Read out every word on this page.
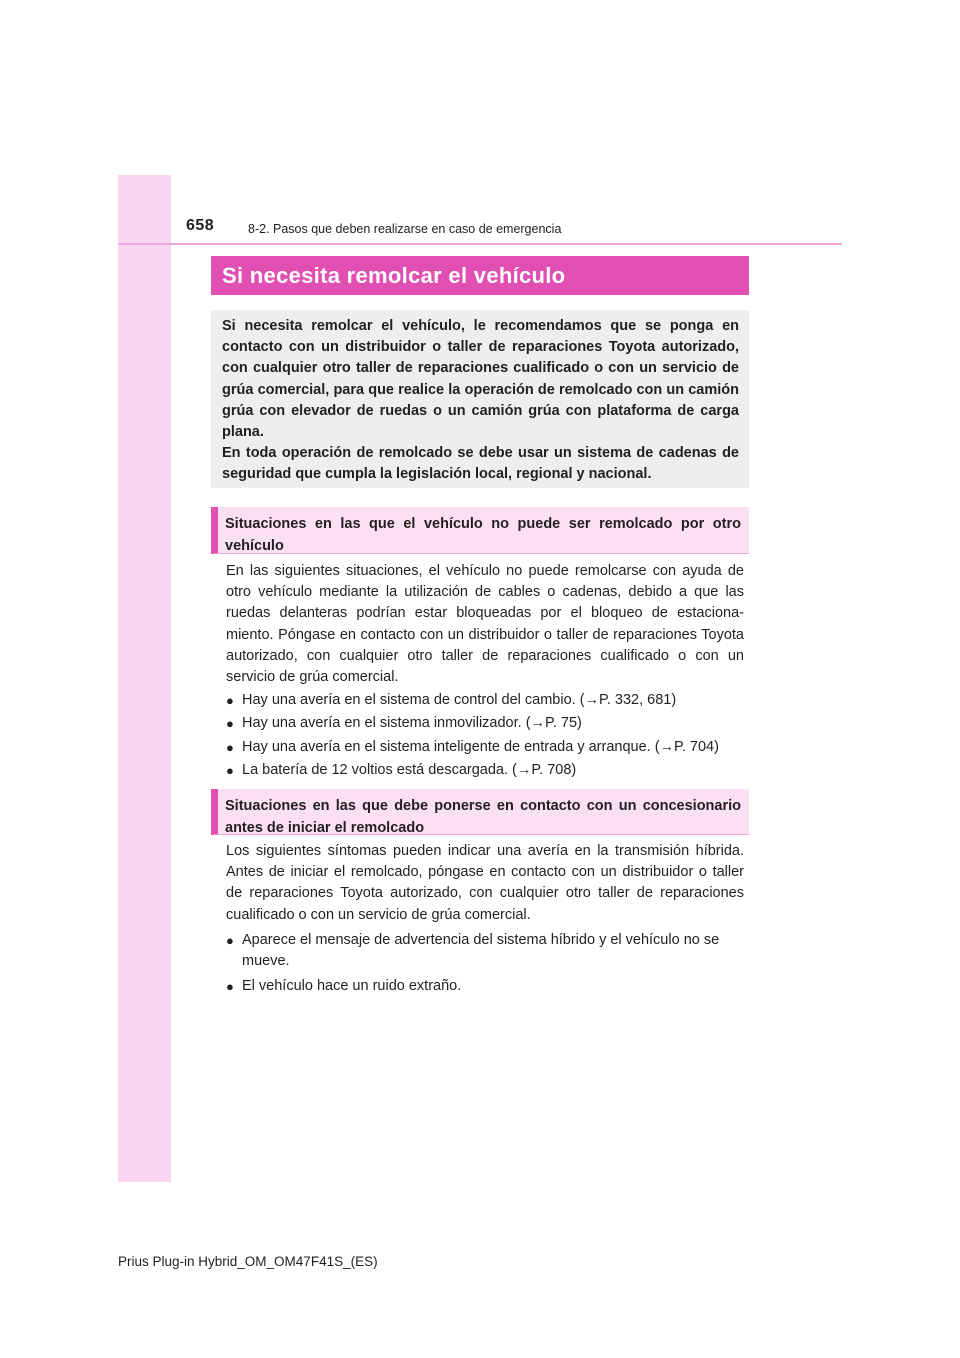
658	8-2. Pasos que deben realizarse en caso de emergencia
Si necesita remolcar el vehículo

Si necesita remolcar el vehículo, le recomendamos que se ponga en contacto con un distribuidor o taller de reparaciones Toyota autorizado, con cualquier otro taller de reparaciones cualificado o con un servicio de grúa comercial, para que realice la operación de remolcado con un camión grúa con elevador de ruedas o un camión grúa con plataforma de carga plana.

En toda operación de remolcado se debe usar un sistema de cadenas de seguridad que cumpla la legislación local, regional y nacional.

Situaciones en las que el vehículo no puede ser remolcado por otro vehículo

En las siguientes situaciones, el vehículo no puede remolcarse con ayuda de otro vehículo mediante la utilización de cables o cadenas, debido a que las ruedas delanteras podrían estar bloqueadas por el bloqueo de estaciona-miento. Póngase en contacto con un distribuidor o taller de reparaciones Toyota autorizado, con cualquier otro taller de reparaciones cualificado o con un servicio de grúa comercial.

● Hay una avería en el sistema de control del cambio. (→P. 332, 681)
● Hay una avería en el sistema inmovilizador. (→P. 75)
● Hay una avería en el sistema inteligente de entrada y arranque. (→P. 704)
● La batería de 12 voltios está descargada. (→P. 708)
Situaciones en las que debe ponerse en contacto con un concesionario antes de iniciar el remolcado

Los siguientes síntomas pueden indicar una avería en la transmisión híbrida. Antes de iniciar el remolcado, póngase en contacto con un distribuidor o taller de reparaciones Toyota autorizado, con cualquier otro taller de reparaciones cualificado o con un servicio de grúa comercial.

● Aparece el mensaje de advertencia del sistema híbrido y el vehículo no se mueve.
● El vehículo hace un ruido extraño.
Prius Plug-in Hybrid_OM_OM47F41S_(ES)
